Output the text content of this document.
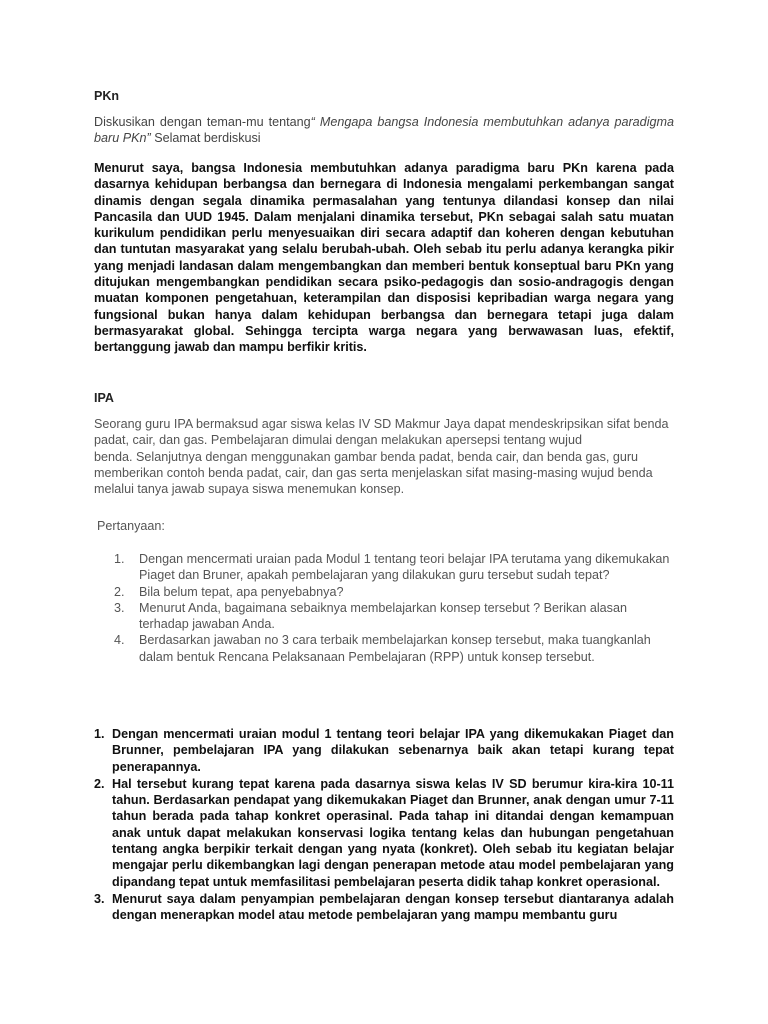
PKn
Diskusikan dengan teman-mu tentang“ Mengapa bangsa Indonesia membutuhkan adanya paradigma baru PKn” Selamat berdiskusi
Menurut saya, bangsa Indonesia membutuhkan adanya paradigma baru PKn karena pada dasarnya kehidupan berbangsa dan bernegara di Indonesia mengalami perkembangan sangat dinamis dengan segala dinamika permasalahan yang tentunya dilandasi konsep dan nilai Pancasila dan UUD 1945. Dalam menjalani dinamika tersebut, PKn sebagai salah satu muatan kurikulum pendidikan perlu menyesuaikan diri secara adaptif dan koheren dengan kebutuhan dan tuntutan masyarakat yang selalu berubah-ubah. Oleh sebab itu perlu adanya kerangka pikir yang menjadi landasan dalam mengembangkan dan memberi bentuk konseptual baru PKn yang ditujukan mengembangkan pendidikan secara psiko-pedagogis dan sosio-andragogis dengan muatan komponen pengetahuan, keterampilan dan disposisi kepribadian warga negara yang fungsional bukan hanya dalam kehidupan berbangsa dan bernegara tetapi juga dalam bermasyarakat global. Sehingga tercipta warga negara yang berwawasan luas, efektif, bertanggung jawab dan mampu berfikir kritis.
IPA
Seorang guru IPA bermaksud agar siswa kelas IV SD Makmur Jaya dapat mendeskripsikan sifat benda padat, cair, dan gas. Pembelajaran dimulai dengan melakukan apersepsi tentang wujud
benda. Selanjutnya dengan menggunakan gambar benda padat, benda cair, dan benda gas, guru memberikan contoh benda padat, cair, dan gas serta menjelaskan sifat masing-masing wujud benda melalui tanya jawab supaya siswa menemukan konsep.
Pertanyaan:
1. Dengan mencermati uraian pada Modul 1 tentang teori belajar IPA terutama yang dikemukakan Piaget dan Bruner, apakah pembelajaran yang dilakukan guru tersebut sudah tepat?
2. Bila belum tepat, apa penyebabnya?
3. Menurut Anda, bagaimana sebaiknya membelajarkan konsep tersebut ? Berikan alasan terhadap jawaban Anda.
4. Berdasarkan jawaban no 3 cara terbaik membelajarkan konsep tersebut, maka tuangkanlah dalam bentuk Rencana Pelaksanaan Pembelajaran (RPP) untuk konsep tersebut.
1. Dengan mencermati uraian modul 1 tentang teori belajar IPA yang dikemukakan Piaget dan Brunner, pembelajaran IPA yang dilakukan sebenarnya baik akan tetapi kurang tepat penerapannya.
2. Hal tersebut kurang tepat karena pada dasarnya siswa kelas IV SD berumur kira-kira 10-11 tahun. Berdasarkan pendapat yang dikemukakan Piaget dan Brunner, anak dengan umur 7-11 tahun berada pada tahap konkret operasinal. Pada tahap ini ditandai dengan kemampuan anak untuk dapat melakukan konservasi logika tentang kelas dan hubungan pengetahuan tentang angka berpikir terkait dengan yang nyata (konkret). Oleh sebab itu kegiatan belajar mengajar perlu dikembangkan lagi dengan penerapan metode atau model pembelajaran yang dipandang tepat untuk memfasilitasi pembelajaran peserta didik tahap konkret operasional.
3. Menurut saya dalam penyampian pembelajaran dengan konsep tersebut diantaranya adalah dengan menerapkan model atau metode pembelajaran yang mampu membantu guru
